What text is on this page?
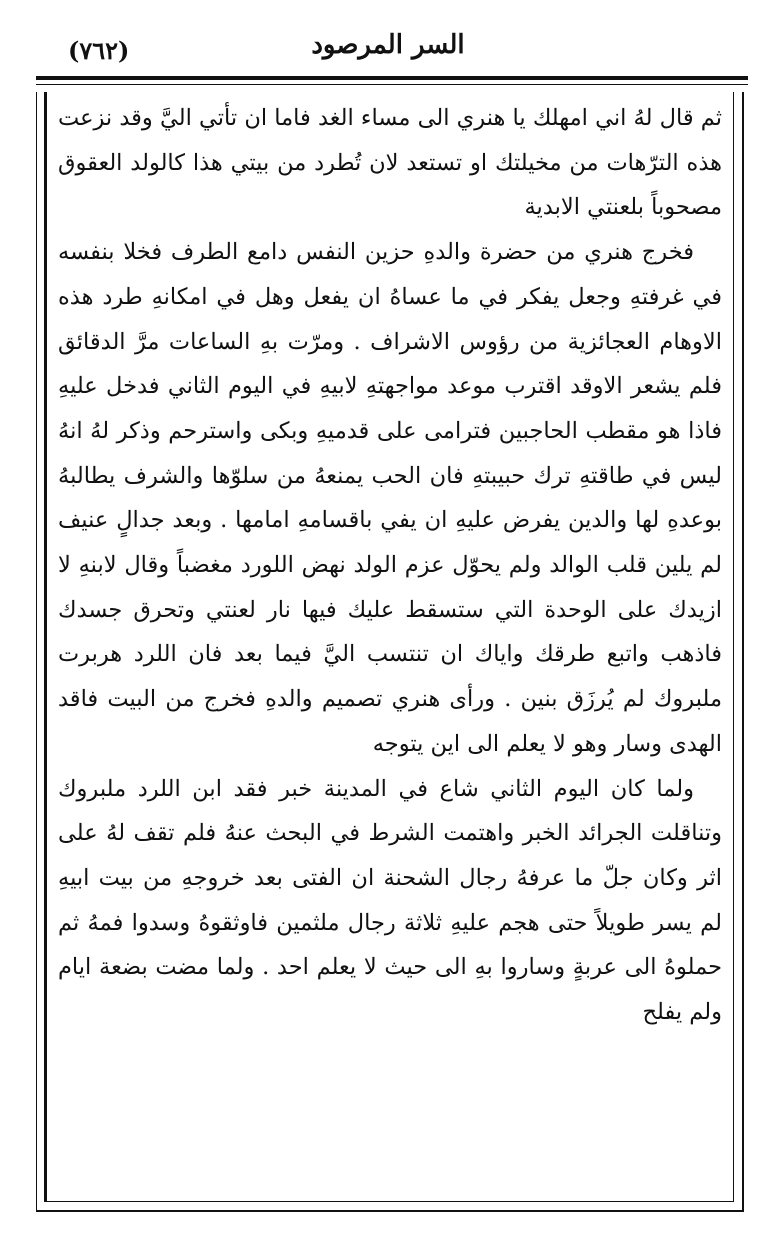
(٧٦٢)	السر المرصود

ثم قال لهُ اني امهلك يا هنري الى مساء الغد فاما ان تأتي اليَّ وقد نزعت هذه الترّهات من مخيلتك او تستعد لان تُطرد من بيتي هذا كالولد العقوق مصحوباً بلعنتي الابدية

فخرج هنري من حضرة والدهِ حزين النفس دامع الطرف فخلا بنفسه في غرفتهِ وجعل يفكر في ما عساهُ ان يفعل وهل في امكانهِ طرد هذه الاوهام العجائزية من رؤوس الاشراف . ومرّت بهِ الساعات مرَّ الدقائق فلم يشعر الاوقد اقترب موعد مواجهتهِ لابيهِ في اليوم الثاني فدخل عليهِ فاذا هو مقطب الحاجبين فترامى على قدميهِ وبكى واسترحم وذكر لهُ انهُ ليس في طاقتهِ ترك حبيبتهِ فان الحب يمنعهُ من سلوّها والشرف يطالبهُ بوعدهِ لها والدين يفرض عليهِ ان يفي باقسامهِ امامها . وبعد جدالٍ عنيف لم يلين قلب الوالد ولم يحوّل عزم الولد نهض اللورد مغضباً وقال لابنهِ لا ازيدك على الوحدة التي ستسقط عليك فيها نار لعنتي وتحرق جسدك فاذهب واتبع طرقك واياك ان تنتسب اليَّ فيما بعد فان اللرد هربرت ملبروك لم يُرزَق بنين . ورأى هنري تصميم والدهِ فخرج من البيت فاقد الهدى وسار وهو لا يعلم الى اين يتوجه

ولما كان اليوم الثاني شاع في المدينة خبر فقد ابن اللرد ملبروك وتناقلت الجرائد الخبر واهتمت الشرط في البحث عنهُ فلم تقف لهُ على اثر وكان جلّ ما عرفهُ رجال الشحنة ان الفتى بعد خروجهِ من بيت ابيهِ لم يسر طويلاً حتى هجم عليهِ ثلاثة رجال ملثمين فاوثقوهُ وسدوا فمهُ ثم حملوهُ الى عربةٍ وساروا بهِ الى حيث لا يعلم احد . ولما مضت بضعة ايام ولم يفلح
